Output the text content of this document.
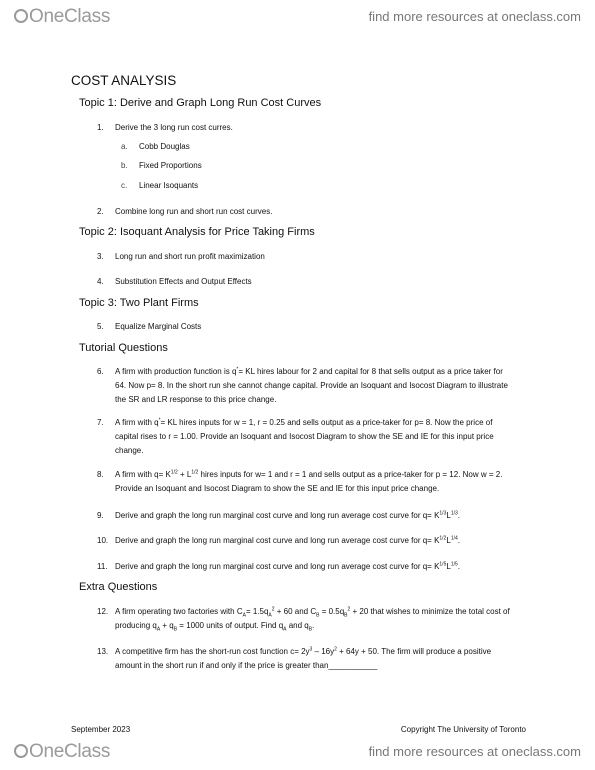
OneClass	find more resources at oneclass.com
COST ANALYSIS
Topic 1: Derive and Graph Long Run Cost Curves
1.	Derive the 3 long run cost curres.
a. Cobb Douglas
b. Fixed Proportions
c. Linear Isoquants
2.	Combine long run and short run cost curves.
Topic 2: Isoquant Analysis for Price Taking Firms
3.	Long run and short run profit maximization
4.	Substitution Effects and Output Effects
Topic 3: Two Plant Firms
5.	Equalize Marginal Costs
Tutorial Questions
6.	A firm with production function is q*= KL hires labour for 2 and capital for 8 that sells output as a price taker for 64. Now p= 8. In the short run she cannot change capital. Provide an Isoquant and Isocost Diagram to illustrate the SR and LR response to this price change.
7.	A firm with q*= KL hires inputs for w = 1, r = 0.25 and sells output as a price-taker for p= 8. Now the price of capital rises to r = 1.00. Provide an Isoquant and Isocost Diagram to show the SE and IE for this input price change.
8.	A firm with $q= K^{1/2} + L^{1/2}$ hires inputs for w= 1 and r = 1 and sells output as a price-taker for p = 12. Now w = 2. Provide an Isoquant and Isocost Diagram to show the SE and IE for this input price change.
9.	Derive and graph the long run marginal cost curve and long run average cost curve for $q= K^{1/3}L^{1/3}$.
10. Derive and graph the long run marginal cost curve and long run average cost curve for $q= K^{1/2}L^{1/4}$.
11. Derive and graph the long run marginal cost curve and long run average cost curve for $q= K^{1/5}L^{1/5}$.
Extra Questions
12. A firm operating two factories with $C_A= 1.5q_A^2 + 60$ and $C_B = 0.5q_B^2 + 20$ that wishes to minimize the total cost of producing $q_A + q_B = 1000$ units of output. Find $q_A$ and $q_B$.
13. A competitive firm has the short-run cost function $c= 2y^3 - 16y^2 + 64y + 50$. The firm will produce a positive amount in the short run if and only if the price is greater than___________
September 2023	Copyright The University of Toronto
OneClass	find more resources at oneclass.com
